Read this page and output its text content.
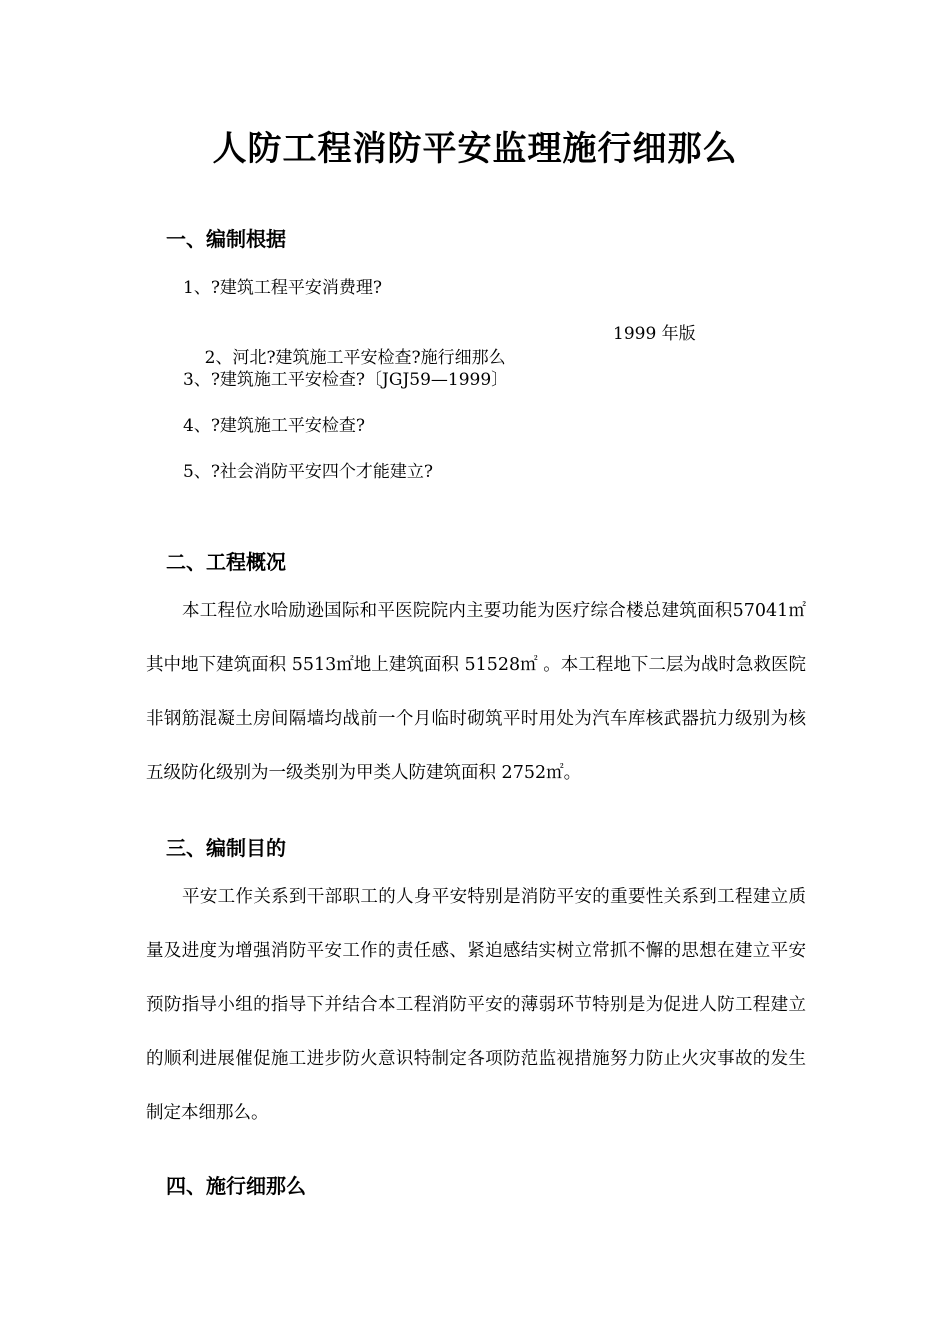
人防工程消防平安监理施行细那么
一、编制根据
1、?建筑工程平安消费理?

2、河北?建筑施工平安检查?施行细那么

1999 年版

3、?建筑施工平安检查?〔JGJ59—1999〕
4、?建筑施工平安检查?
5、?社会消防平安四个才能建立?
二、工程概况
本工程位水哈励逊国际和平医院院内主要功能为医疗综合楼总建筑面积57041㎡其中地下建筑面积 5513㎡地上建筑面积 51528㎡ 。本工程地下二层为战时急救医院非钢筋混凝土房间隔墙均战前一个月临时砌筑平时用处为汽车库核武器抗力级别为核五级防化级别为一级类别为甲类人防建筑面积 2752㎡。
三、编制目的
平安工作关系到干部职工的人身平安特别是消防平安的重要性关系到工程建立质量及进度为增强消防平安工作的责任感、紧迫感结实树立常抓不懈的思想在建立平安预防指导小组的指导下并结合本工程消防平安的薄弱环节特别是为促进人防工程建立的顺利进展催促施工进步防火意识特制定各项防范监视措施努力防止火灾事故的发生制定本细那么。
四、施行细那么
